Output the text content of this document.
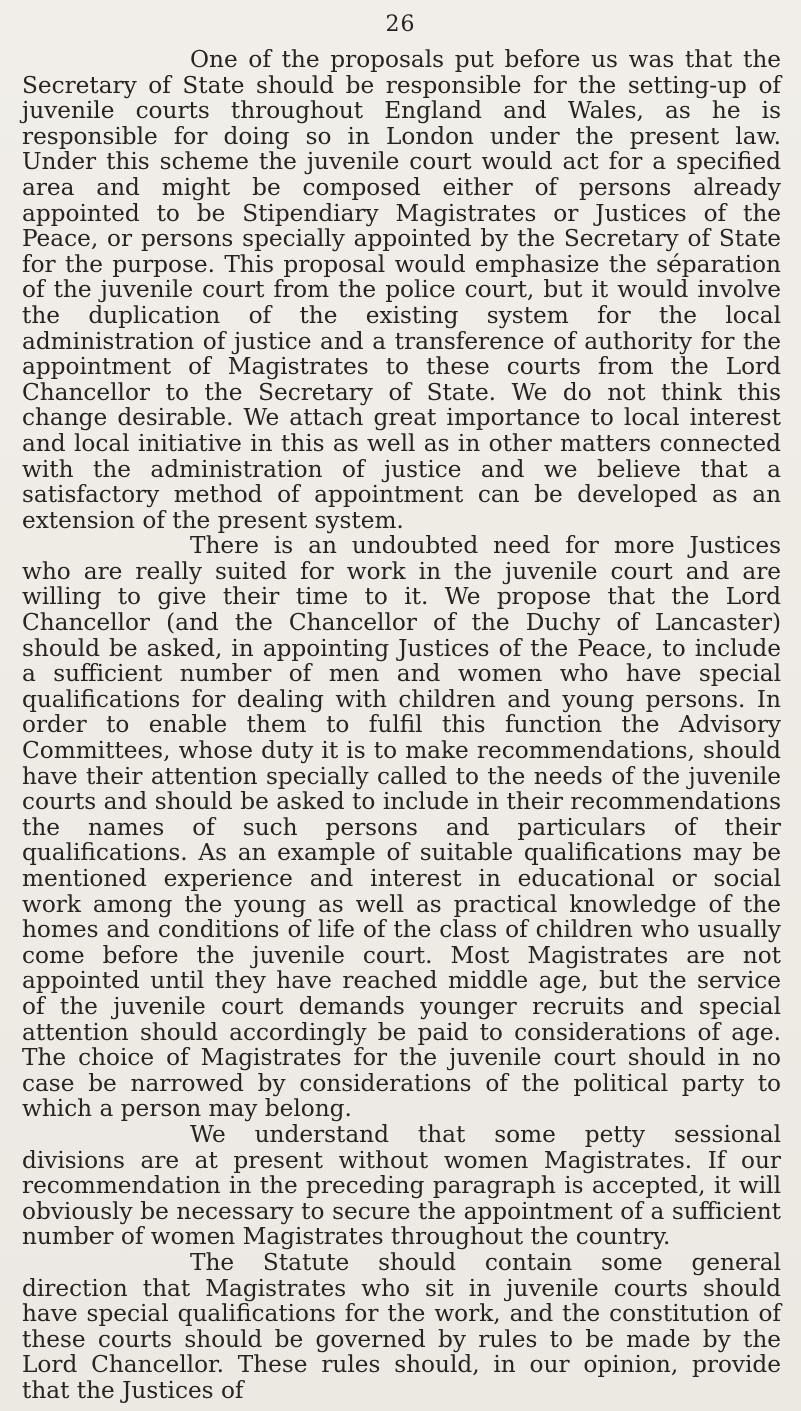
26

One of the proposals put before us was that the Secretary of State should be responsible for the setting-up of juvenile courts throughout England and Wales, as he is responsible for doing so in London under the present law. Under this scheme the juvenile court would act for a specified area and might be composed either of persons already appointed to be Stipendiary Magistrates or Justices of the Peace, or persons specially appointed by the Secretary of State for the purpose. This proposal would emphasize the séparation of the juvenile court from the police court, but it would involve the duplication of the existing system for the local administration of justice and a transference of authority for the appointment of Magistrates to these courts from the Lord Chancellor to the Secretary of State. We do not think this change desirable. We attach great importance to local interest and local initiative in this as well as in other matters connected with the administration of justice and we believe that a satisfactory method of appointment can be developed as an extension of the present system.

There is an undoubted need for more Justices who are really suited for work in the juvenile court and are willing to give their time to it. We propose that the Lord Chancellor (and the Chancellor of the Duchy of Lancaster) should be asked, in appointing Justices of the Peace, to include a sufficient number of men and women who have special qualifications for dealing with children and young persons. In order to enable them to fulfil this function the Advisory Committees, whose duty it is to make recommendations, should have their attention specially called to the needs of the juvenile courts and should be asked to include in their recommendations the names of such persons and particulars of their qualifications. As an example of suitable qualifications may be mentioned experience and interest in educational or social work among the young as well as practical knowledge of the homes and conditions of life of the class of children who usually come before the juvenile court. Most Magistrates are not appointed until they have reached middle age, but the service of the juvenile court demands younger recruits and special attention should accordingly be paid to considerations of age. The choice of Magistrates for the juvenile court should in no case be narrowed by considerations of the political party to which a person may belong.

We understand that some petty sessional divisions are at present without women Magistrates. If our recommendation in the preceding paragraph is accepted, it will obviously be necessary to secure the appointment of a sufficient number of women Magistrates throughout the country.

The Statute should contain some general direction that Magistrates who sit in juvenile courts should have special qualifications for the work, and the constitution of these courts should be governed by rules to be made by the Lord Chancellor. These rules should, in our opinion, provide that the Justices of
